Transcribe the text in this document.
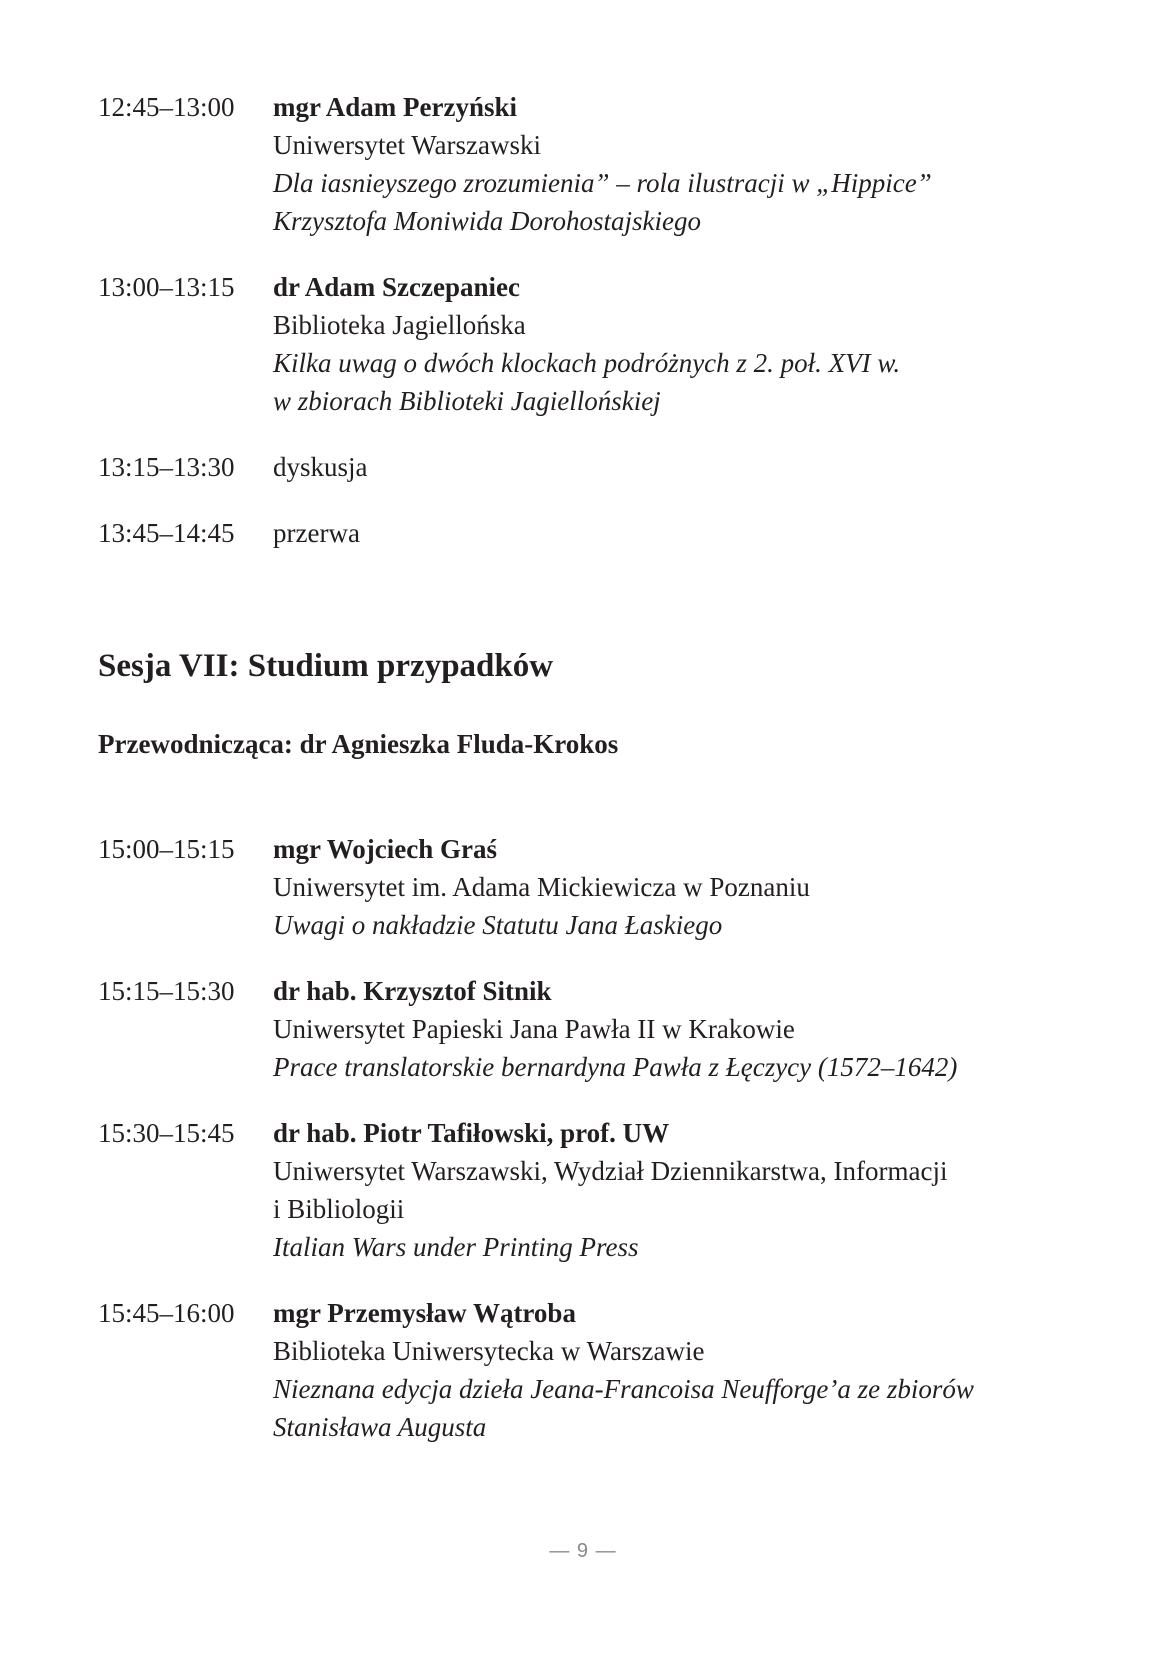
12:45–13:00	mgr Adam Perzyński
Uniwersytet Warszawski
Dla iasnieyszego zrozumienia” – rola ilustracji w „Hippice”
Krzysztofa Moniwida Dorohostajskiego
13:00–13:15	dr Adam Szczepaniec
Biblioteka Jagiellońska
Kilka uwag o dwóch klockach podróżnych z 2. poł. XVI w.
w zbiorach Biblioteki Jagiellońskiej
13:15–13:30	dyskusja
13:45–14:45	przerwa
Sesja VII: Studium przypadków

Przewodnicząca: dr Agnieszka Fluda-Krokos

15:00–15:15	mgr Wojciech Graś
Uniwersytet im. Adama Mickiewicza w Poznaniu
Uwagi o nakładzie Statutu Jana Łaskiego
15:15–15:30	dr hab. Krzysztof Sitnik
Uniwersytet Papieski Jana Pawła II w Krakowie
Prace translatorskie bernardyna Pawła z Łęczycy (1572–1642)
15:30–15:45	dr hab. Piotr Tafiłowski, prof. UW
Uniwersytet Warszawski, Wydział Dziennikarstwa, Informacji
i Bibliologii
Italian Wars under Printing Press
15:45–16:00	mgr Przemysław Wątroba
Biblioteka Uniwersytecka w Warszawie
Nieznana edycja dzieła Jeana-Francoisa Neufforge’a ze zbiorów
Stanisława Augusta
— 9 —
